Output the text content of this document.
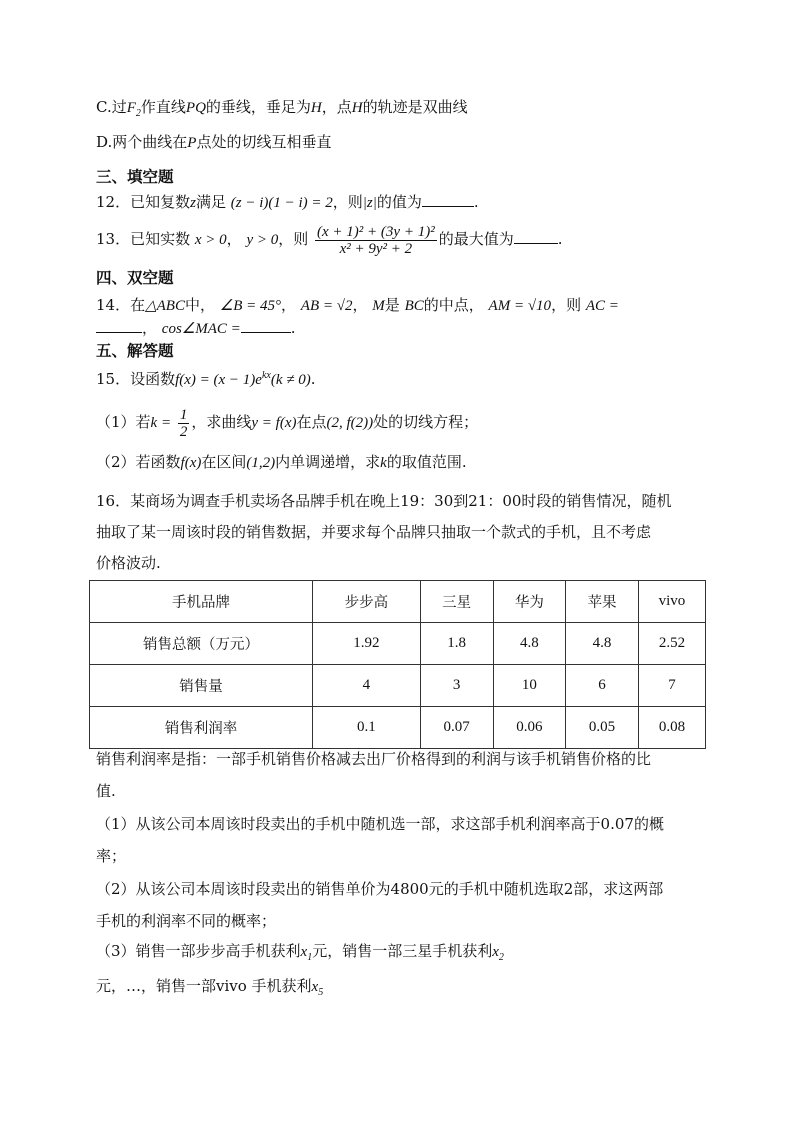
C.过$F_2$作直线PQ的垂线，垂足为H，点H的轨迹是双曲线
D.两个曲线在P点处的切线互相垂直
三、填空题
12．已知复数z满足 (z − i)(1 − i) = 2，则|z|的值为	.
13．已知实数 x > 0， y > 0，则 $\frac{\text{(x + 1)² + (3y + 1)²}}{\text{x² + 9y² + 2}}$ 的最大值为	.
四、双空题
14．在△ABC中， ∠B = 45°， AB = √2， M是 BC的中点， AM = √10，则 AC =
， cos∠MAC =	.
五、解答题
15．设函数$f(x) = (x - 1)e^{kx}(k \ne 0)$.
（1）若$k = \frac{1}{2}$ ，求曲线y = f(x)在点(2, f(2))处的切线方程；
（2）若函数f(x)在区间(1,2)内单调递增，求k的取值范围.
16．某商场为调查手机卖场各品牌手机在晚上19：30到21：00时段的销售情况，随机
抽取了某一周该时段的销售数据，并要求每个品牌只抽取一个款式的手机，且不考虑
价格波动.
手机品牌	步步高	三星	华为	苹果	vivo
销售总额（万元）	1.92	1.8	4.8	4.8	2.52
销售量	4	3	10	6	7
销售利润率	0.1	0.07	0.06	0.05	0.08
销售利润率是指：一部手机销售价格减去出厂价格得到的利润与该手机销售价格的比
值.
（1）从该公司本周该时段卖出的手机中随机选一部，求这部手机利润率高于0.07的概
率；
（2）从该公司本周该时段卖出的销售单价为4800元的手机中随机选取2部，求这两部
手机的利润率不同的概率；
（3）销售一部步步高手机获利$x_1$元，销售一部三星手机获利$x_2$
元，…，销售一部vivo 手机获利$x_5$
